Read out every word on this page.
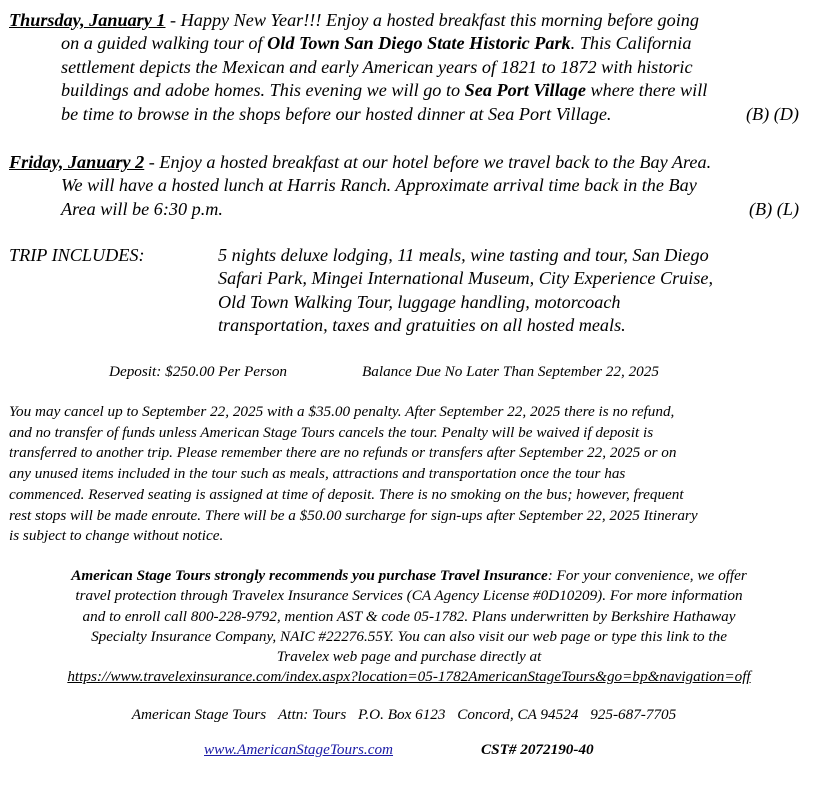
Thursday, January 1 - Happy New Year!!! Enjoy a hosted breakfast this morning before going
on a guided walking tour of Old Town San Diego State Historic Park. This California
settlement depicts the Mexican and early American years of 1821 to 1872 with historic
buildings and adobe homes. This evening we will go to Sea Port Village where there will
be time to browse in the shops before our hosted dinner at Sea Port Village.	(B) (D)
Friday, January 2 - Enjoy a hosted breakfast at our hotel before we travel back to the Bay Area.
We will have a hosted lunch at Harris Ranch. Approximate arrival time back in the Bay
Area will be 6:30 p.m.	(B) (L)
TRIP INCLUDES:	5 nights deluxe lodging, 11 meals, wine tasting and tour, San Diego
Safari Park, Mingei International Museum, City Experience Cruise,
Old Town Walking Tour, luggage handling, motorcoach
transportation, taxes and gratuities on all hosted meals.
Deposit: $250.00 Per Person	Balance Due No Later Than September 22, 2025
You may cancel up to September 22, 2025 with a $35.00 penalty. After September 22, 2025 there is no refund,
and no transfer of funds unless American Stage Tours cancels the tour. Penalty will be waived if deposit is
transferred to another trip. Please remember there are no refunds or transfers after September 22, 2025 or on
any unused items included in the tour such as meals, attractions and transportation once the tour has
commenced. Reserved seating is assigned at time of deposit. There is no smoking on the bus; however, frequent
rest stops will be made enroute. There will be a $50.00 surcharge for sign-ups after September 22, 2025 Itinerary
is subject to change without notice.
American Stage Tours strongly recommends you purchase Travel Insurance: For your convenience, we offer
travel protection through Travelex Insurance Services (CA Agency License #0D10209). For more information
and to enroll call 800-228-9792, mention AST & code 05-1782. Plans underwritten by Berkshire Hathaway
Specialty Insurance Company, NAIC #22276.55Y. You can also visit our web page or type this link to the
Travelex web page and purchase directly at
https://www.travelexinsurance.com/index.aspx?location=05-1782AmericanStageTours&go=bp&navigation=off
American Stage Tours Attn: Tours P.O. Box 6123 Concord, CA 94524 925-687-7705
www.AmericanStageTours.com	CST# 2072190-40
